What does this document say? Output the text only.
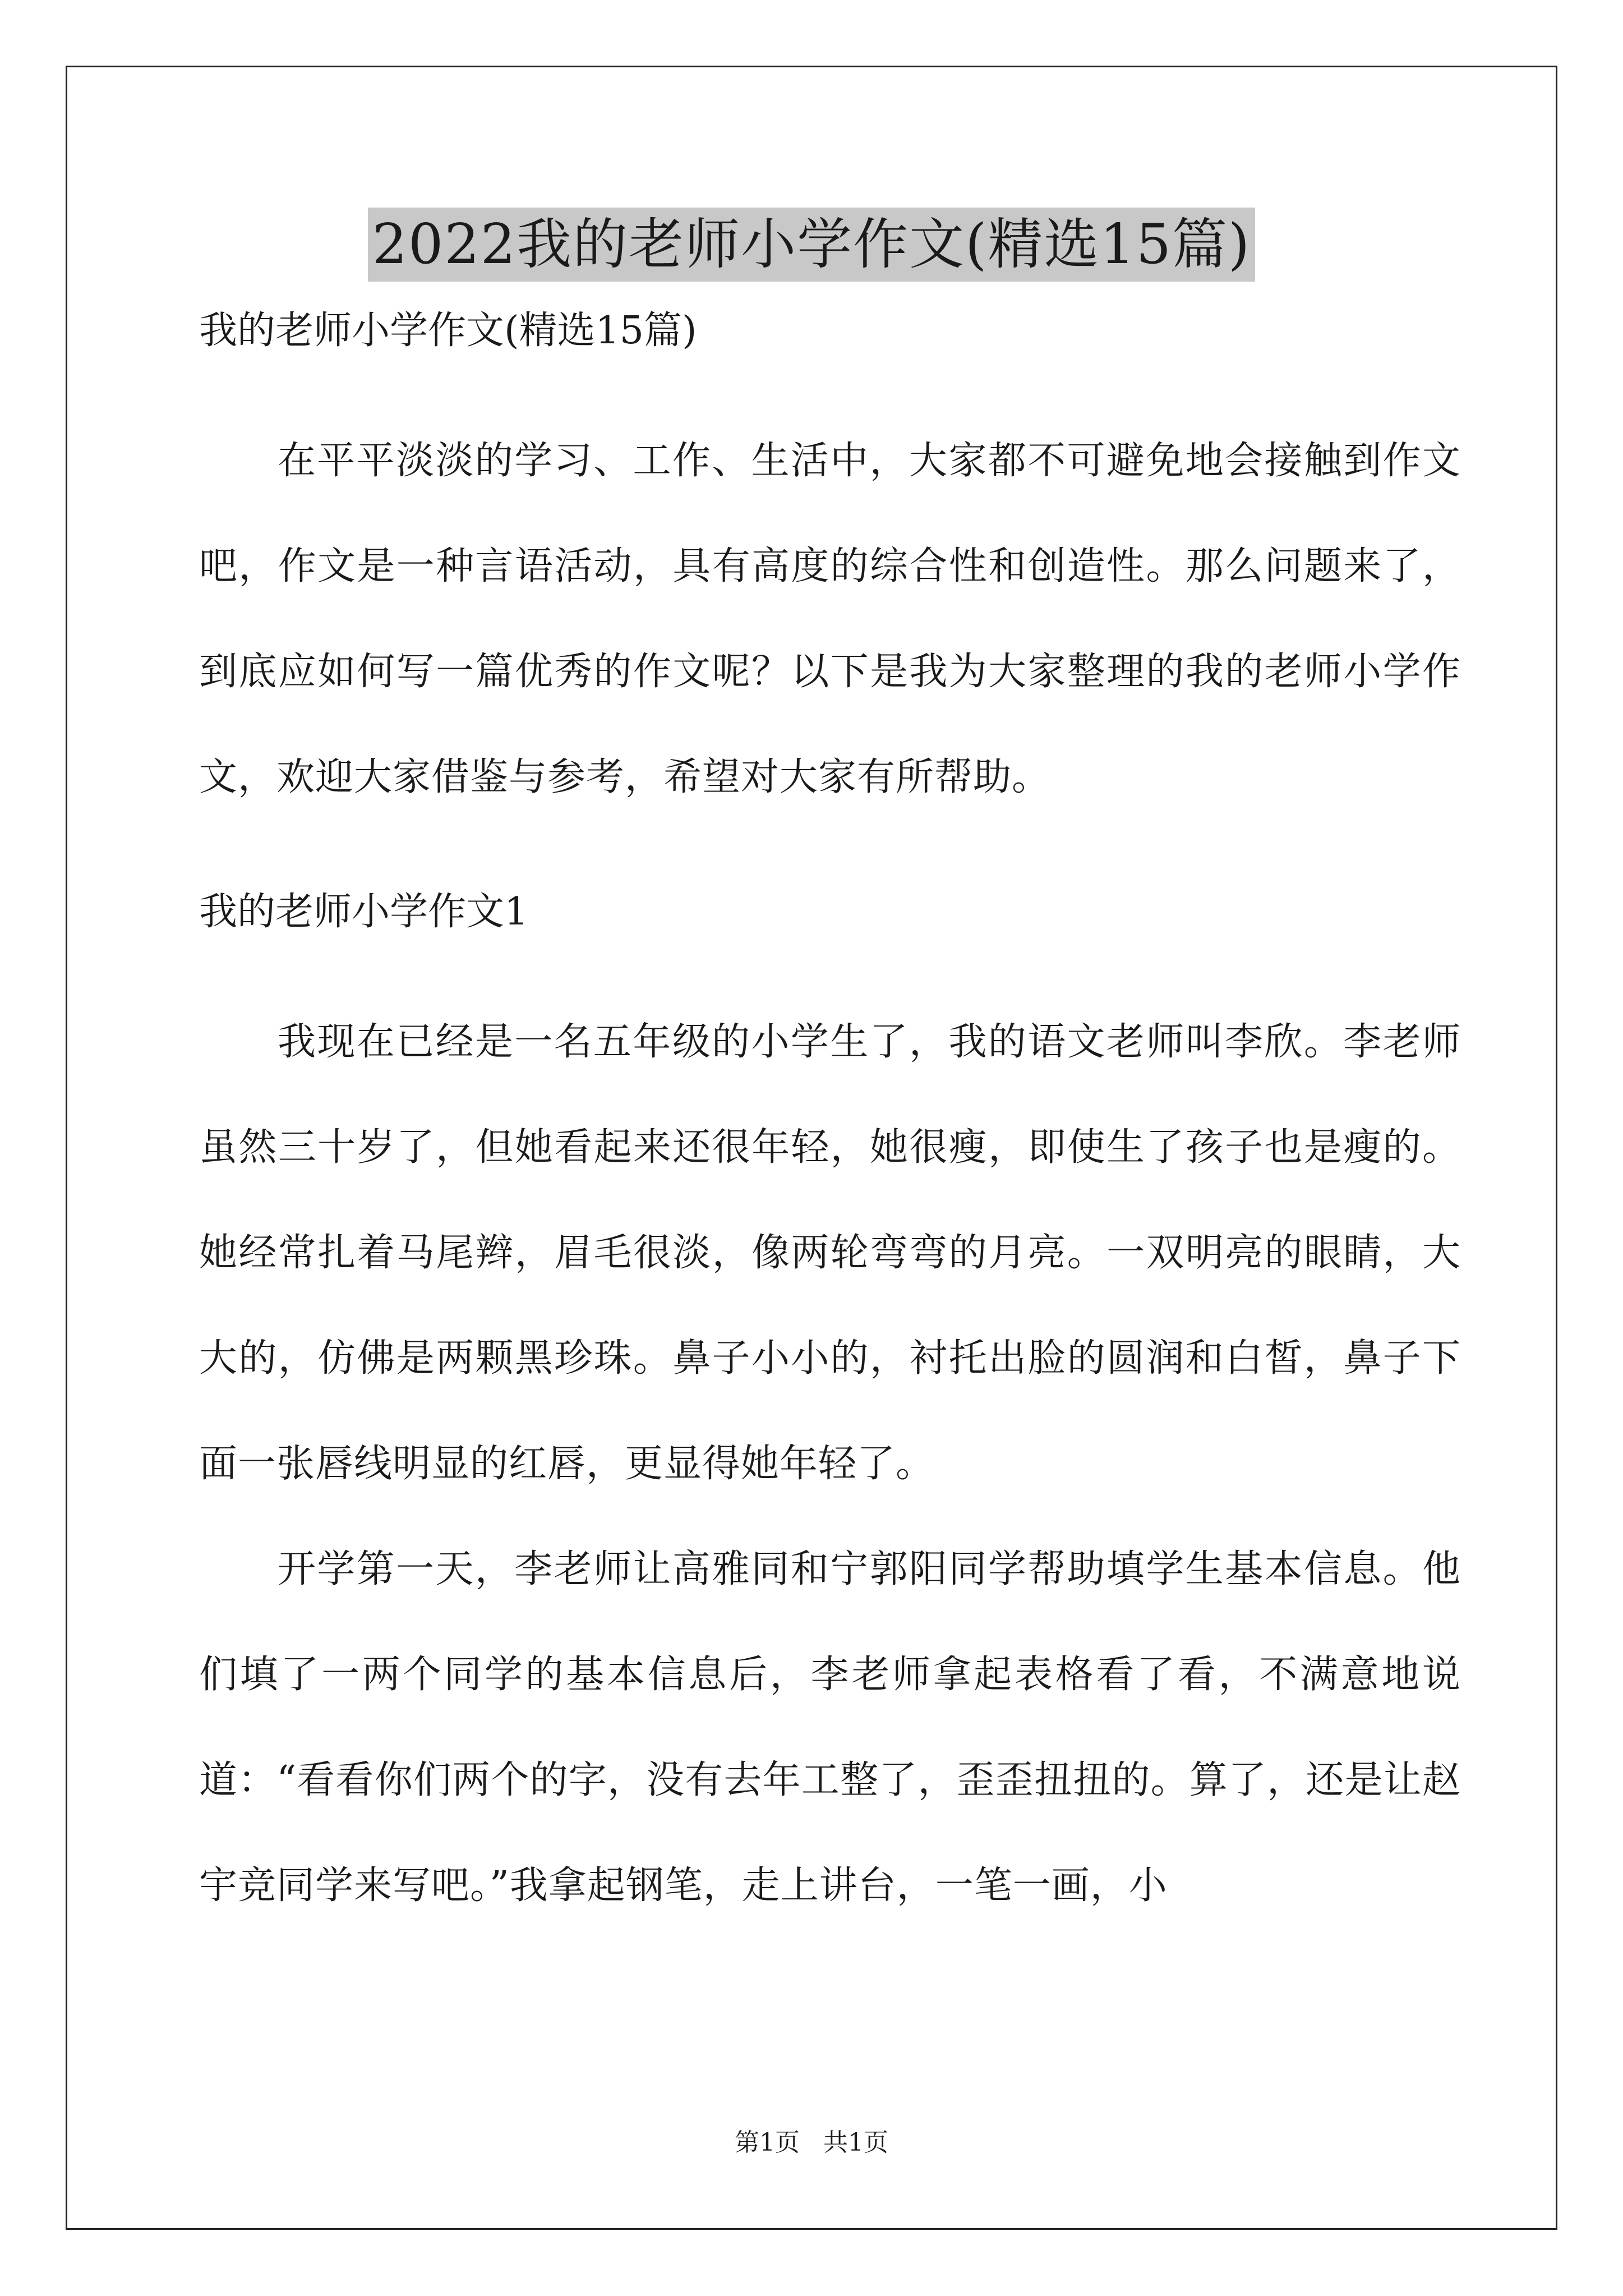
2022我的老师小学作文(精选15篇)

我的老师小学作文(精选15篇)

在平平淡淡的学习、工作、生活中，大家都不可避免地会接触到作文吧，作文是一种言语活动，具有高度的综合性和创造性。那么问题来了，到底应如何写一篇优秀的作文呢？以下是我为大家整理的我的老师小学作文，欢迎大家借鉴与参考，希望对大家有所帮助。

我的老师小学作文1

我现在已经是一名五年级的小学生了，我的语文老师叫李欣。李老师虽然三十岁了，但她看起来还很年轻，她很瘦，即使生了孩子也是瘦的。她经常扎着马尾辫，眉毛很淡，像两轮弯弯的月亮。一双明亮的眼睛，大大的，仿佛是两颗黑珍珠。鼻子小小的，衬托出脸的圆润和白皙，鼻子下面一张唇线明显的红唇，更显得她年轻了。

开学第一天，李老师让高雅同和宁郭阳同学帮助填学生基本信息。他们填了一两个同学的基本信息后，李老师拿起表格看了看，不满意地说道：“看看你们两个的字，没有去年工整了，歪歪扭扭的。算了，还是让赵宇竞同学来写吧。”我拿起钢笔，走上讲台，一笔一画，小

第1页   共1页
